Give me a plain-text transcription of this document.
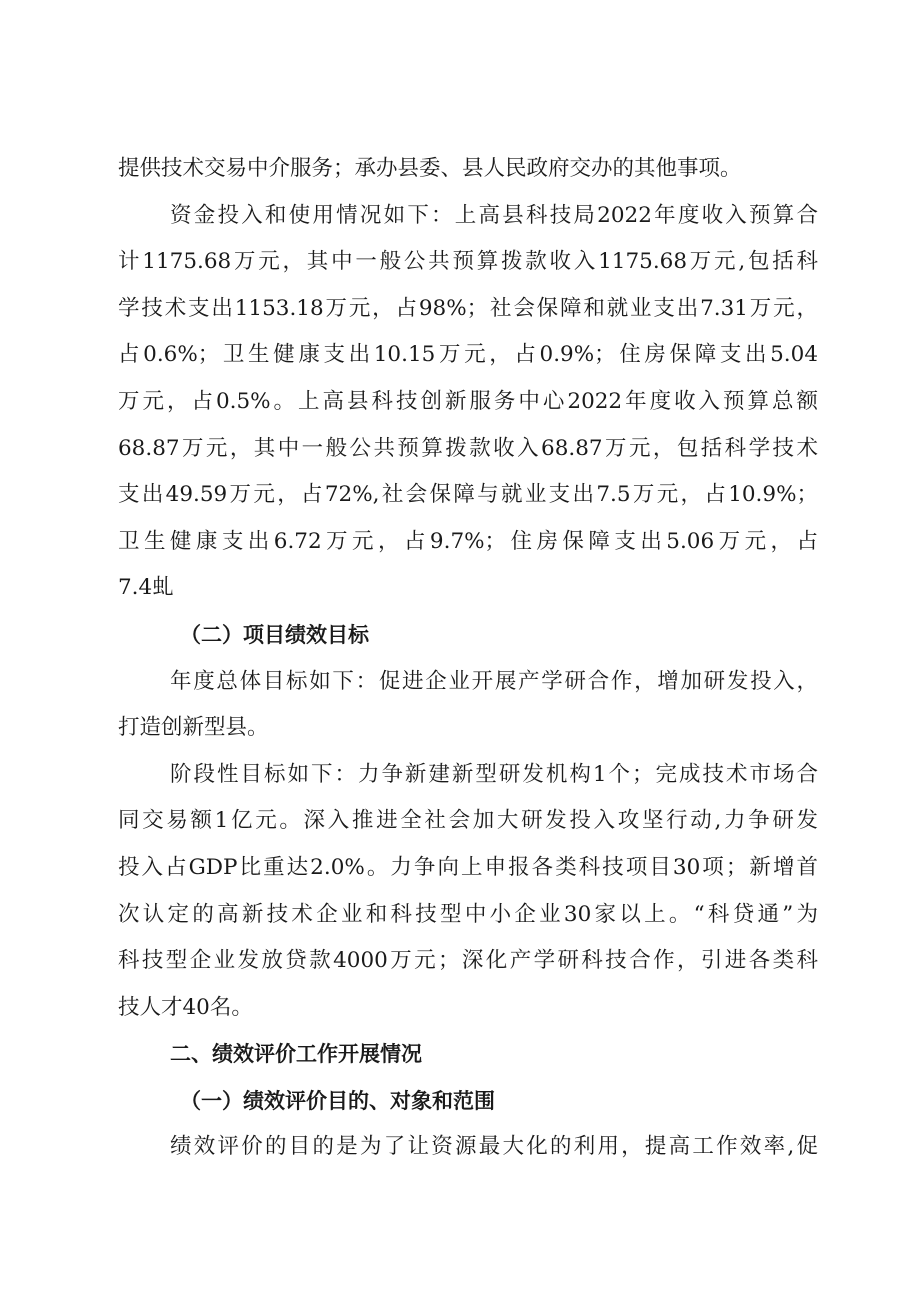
提供技术交易中介服务；承办县委、县人民政府交办的其他事项。
资金投入和使用情况如下：上高县科技局2022年度收入预算合
计1175.68万元，其中一般公共预算拨款收入1175.68万元,包括科
学技术支出1153.18万元，占98%；社会保障和就业支出7.31万元，
占0.6%；卫生健康支出10.15万元，占0.9%；住房保障支出5.04
万元，占0.5%。上高县科技创新服务中心2022年度收入预算总额
68.87万元，其中一般公共预算拨款收入68.87万元，包括科学技术
支出49.59万元，占72%,社会保障与就业支出7.5万元，占10.9%；
卫生健康支出6.72万元，占9.7%；住房保障支出5.06万元，占
7.4虬
（二）项目绩效目标
年度总体目标如下：促进企业开展产学研合作，增加研发投入，
打造创新型县。
阶段性目标如下：力争新建新型研发机构1个；完成技术市场合
同交易额1亿元。深入推进全社会加大研发投入攻坚行动,力争研发
投入占GDP比重达2.0%。力争向上申报各类科技项目30项；新增首
次认定的高新技术企业和科技型中小企业30家以上。“科贷通”为
科技型企业发放贷款4000万元；深化产学研科技合作，引进各类科
技人才40名。
二、绩效评价工作开展情况
（一）绩效评价目的、对象和范围
绩效评价的目的是为了让资源最大化的利用，提高工作效率,促
